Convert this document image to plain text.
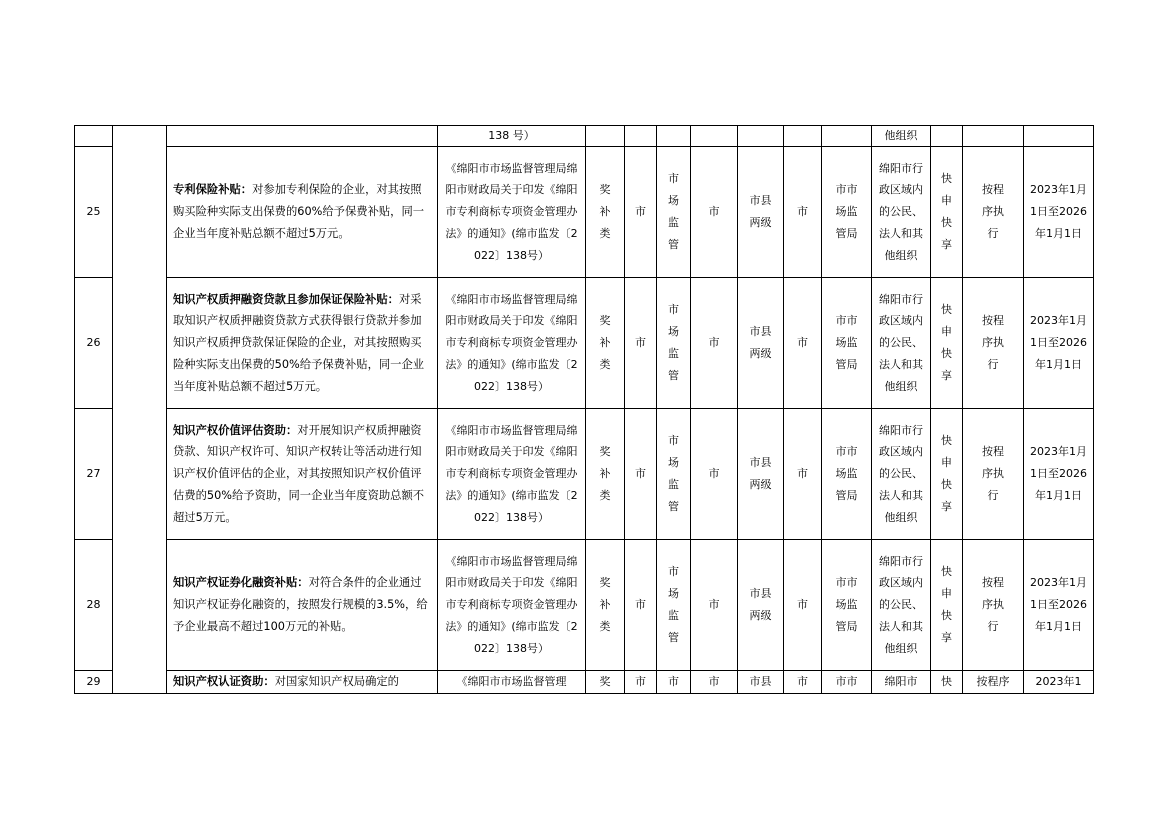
			138 号）								他组织			
25		专利保险补贴：对参加专利保险的企业，对其按照购买险种实际支出保费的60%给予保费补贴，同一企业当年度补贴总额不超过5万元。	《绵阳市市场监督管理局绵阳市财政局关于印发《绵阳市专利商标专项资金管理办法》的通知》(绵市监发〔2022〕138号）	奖补类	市	市场监管	市	市县两级	市	市市场监管局	绵阳市行政区域内的公民、法人和其他组织	快申快享	按程序执行	2023年1月1日至2026年1月1日
26		知识产权质押融资贷款且参加保证保险补贴：对采取知识产权质押融资贷款方式获得银行贷款并参加知识产权质押贷款保证保险的企业，对其按照购买险种实际支出保费的50%给予保费补贴，同一企业当年度补贴总额不超过5万元。	《绵阳市市场监督管理局绵阳市财政局关于印发《绵阳市专利商标专项资金管理办法》的通知》(绵市监发〔2022〕138号）	奖补类	市	市场监管	市	市县两级	市	市市场监管局	绵阳市行政区域内的公民、法人和其他组织	快申快享	按程序执行	2023年1月1日至2026年1月1日
27		知识产权价值评估资助：对开展知识产权质押融资贷款、知识产权许可、知识产权转让等活动进行知识产权价值评估的企业，对其按照知识产权价值评估费的50%给予资助，同一企业当年度资助总额不超过5万元。	《绵阳市市场监督管理局绵阳市财政局关于印发《绵阳市专利商标专项资金管理办法》的通知》(绵市监发〔2022〕138号）	奖补类	市	市场监管	市	市县两级	市	市市场监管局	绵阳市行政区域内的公民、法人和其他组织	快申快享	按程序执行	2023年1月1日至2026年1月1日
28		知识产权证券化融资补贴：对符合条件的企业通过知识产权证券化融资的，按照发行规模的3.5%，给予企业最高不超过100万元的补贴。	《绵阳市市场监督管理局绵阳市财政局关于印发《绵阳市专利商标专项资金管理办法》的通知》(绵市监发〔2022〕138号）	奖补类	市	市场监管	市	市县两级	市	市市场监管局	绵阳市行政区域内的公民、法人和其他组织	快申快享	按程序执行	2023年1月1日至2026年1月1日
29		知识产权认证资助：对国家知识产权局确定的	《绵阳市市场监督管理	奖	市	市	市	市县	市	市市	绵阳市	快	按程序	2023年1
